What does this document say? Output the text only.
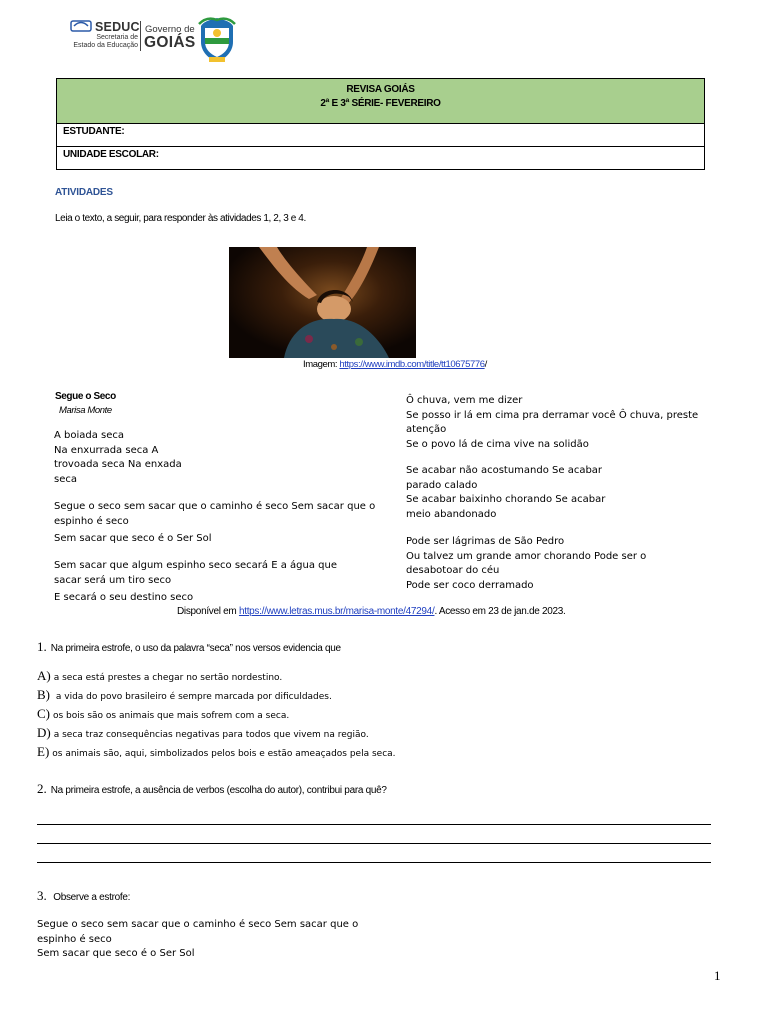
SEDUC
Secretaria de
Estado da Educação
Governo de
GOIÁS
REVISA GOIÁS
2ª E 3ª SÉRIE- FEVEREIRO
ESTUDANTE:
UNIDADE ESCOLAR:
ATIVIDADES
Leia o texto, a seguir, para responder às atividades 1, 2, 3 e 4.
Imagem: https://www.imdb.com/title/tt10675776/
Segue o Seco
Marisa Monte
A boiada seca
Na enxurrada seca A
trovoada seca Na enxada
seca
Segue o seco sem sacar que o caminho é seco Sem sacar que o
espinho é seco
Sem sacar que seco é o Ser Sol
Sem sacar que algum espinho seco secará E a água que
sacar será um tiro seco
E secará o seu destino seco
Ô chuva, vem me dizer
Se posso ir lá em cima pra derramar você Ô chuva, preste
atenção
Se o povo lá de cima vive na solidão
Se acabar não acostumando Se acabar
parado calado
Se acabar baixinho chorando Se acabar
meio abandonado
Pode ser lágrimas de São Pedro
Ou talvez um grande amor chorando Pode ser o
desabotoar do céu
Pode ser coco derramado
Disponível em https://www.letras.mus.br/marisa-monte/47294/. Acesso em 23 de jan.de 2023.
1. Na primeira estrofe, o uso da palavra “seca” nos versos evidencia que
A) a seca está prestes a chegar no sertão nordestino.
B) a vida do povo brasileiro é sempre marcada por dificuldades.
C) os bois são os animais que mais sofrem com a seca.
D) a seca traz consequências negativas para todos que vivem na região.
E) os animais são, aqui, simbolizados pelos bois e estão ameaçados pela seca.
2. Na primeira estrofe, a ausência de verbos (escolha do autor), contribui para quê?
3. Observe a estrofe:
Segue o seco sem sacar que o caminho é seco Sem sacar que o
espinho é seco
Sem sacar que seco é o Ser Sol
1
